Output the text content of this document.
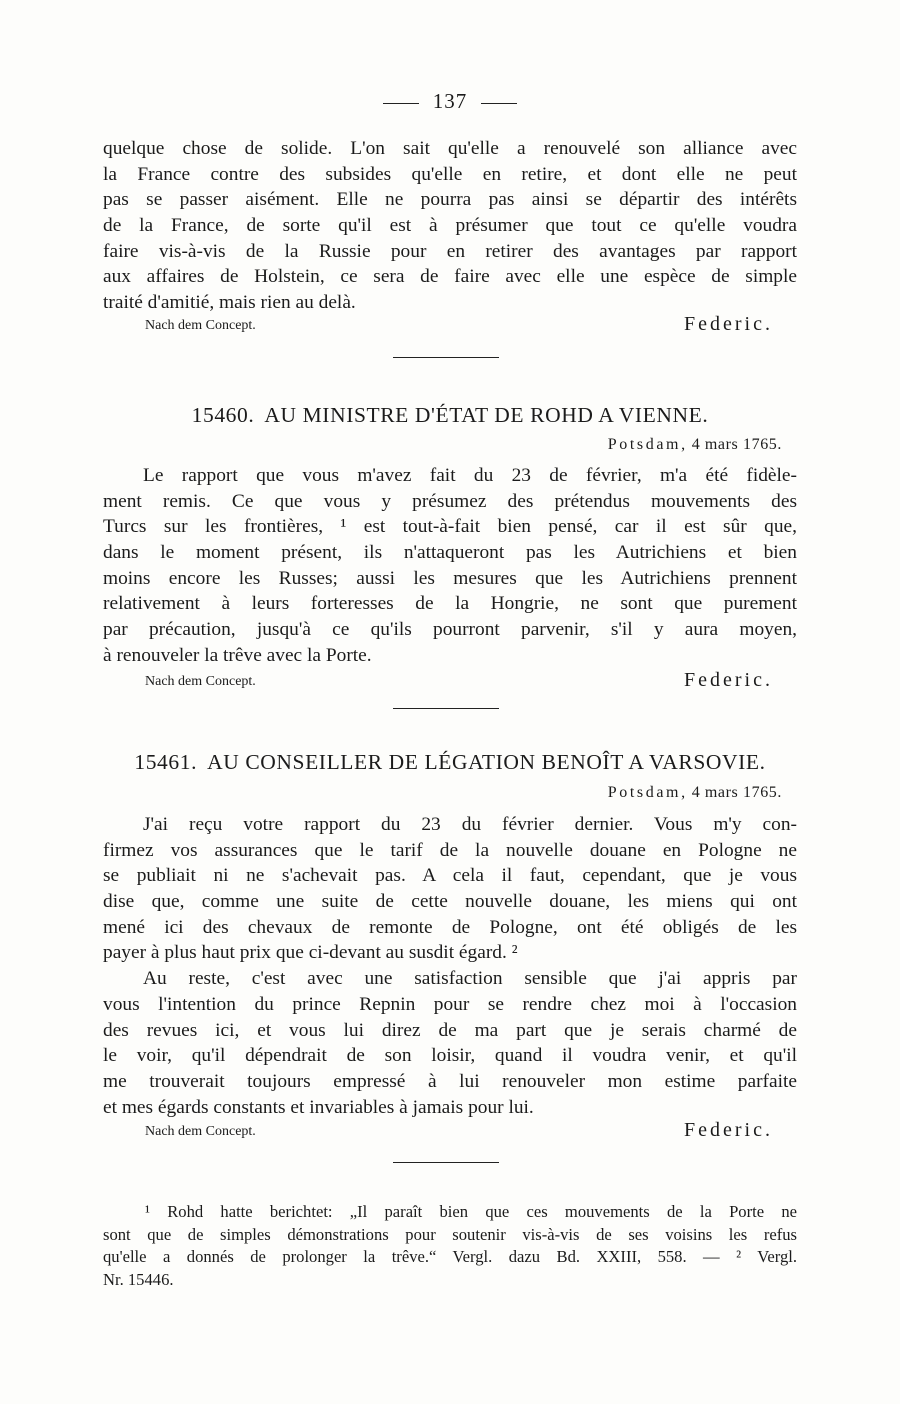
137
quelque chose de solide. L'on sait qu'elle a renouvelé son alliance avec
la France contre des subsides qu'elle en retire, et dont elle ne peut
pas se passer aisément. Elle ne pourra pas ainsi se départir des intérêts
de la France, de sorte qu'il est à présumer que tout ce qu'elle voudra
faire vis-à-vis de la Russie pour en retirer des avantages par rapport
aux affaires de Holstein, ce sera de faire avec elle une espèce de simple
traité d'amitié, mais rien au delà.
Nach dem Concept.	Federic.
15460. AU MINISTRE D'ÉTAT DE ROHD A VIENNE.
Potsdam, 4 mars 1765.
Le rapport que vous m'avez fait du 23 de février, m'a été fidèle-
ment remis. Ce que vous y présumez des prétendus mouvements des
Turcs sur les frontières, ¹ est tout-à-fait bien pensé, car il est sûr que,
dans le moment présent, ils n'attaqueront pas les Autrichiens et bien
moins encore les Russes; aussi les mesures que les Autrichiens prennent
relativement à leurs forteresses de la Hongrie, ne sont que purement
par précaution, jusqu'à ce qu'ils pourront parvenir, s'il y aura moyen,
à renouveler la trêve avec la Porte.
Nach dem Concept.	Federic.
15461. AU CONSEILLER DE LÉGATION BENOÎT A VARSOVIE.
Potsdam, 4 mars 1765.
J'ai reçu votre rapport du 23 du février dernier. Vous m'y con-
firmez vos assurances que le tarif de la nouvelle douane en Pologne ne
se publiait ni ne s'achevait pas. A cela il faut, cependant, que je vous
dise que, comme une suite de cette nouvelle douane, les miens qui ont
mené ici des chevaux de remonte de Pologne, ont été obligés de les
payer à plus haut prix que ci-devant au susdit égard. ²
Au reste, c'est avec une satisfaction sensible que j'ai appris par
vous l'intention du prince Repnin pour se rendre chez moi à l'occasion
des revues ici, et vous lui direz de ma part que je serais charmé de
le voir, qu'il dépendrait de son loisir, quand il voudra venir, et qu'il
me trouverait toujours empressé à lui renouveler mon estime parfaite
et mes égards constants et invariables à jamais pour lui.
Nach dem Concept.	Federic.
¹ Rohd hatte berichtet: „Il paraît bien que ces mouvements de la Porte ne
sont que de simples démonstrations pour soutenir vis-à-vis de ses voisins les refus
qu'elle a donnés de prolonger la trêve.“ Vergl. dazu Bd. XXIII, 558. — ² Vergl.
Nr. 15446.
